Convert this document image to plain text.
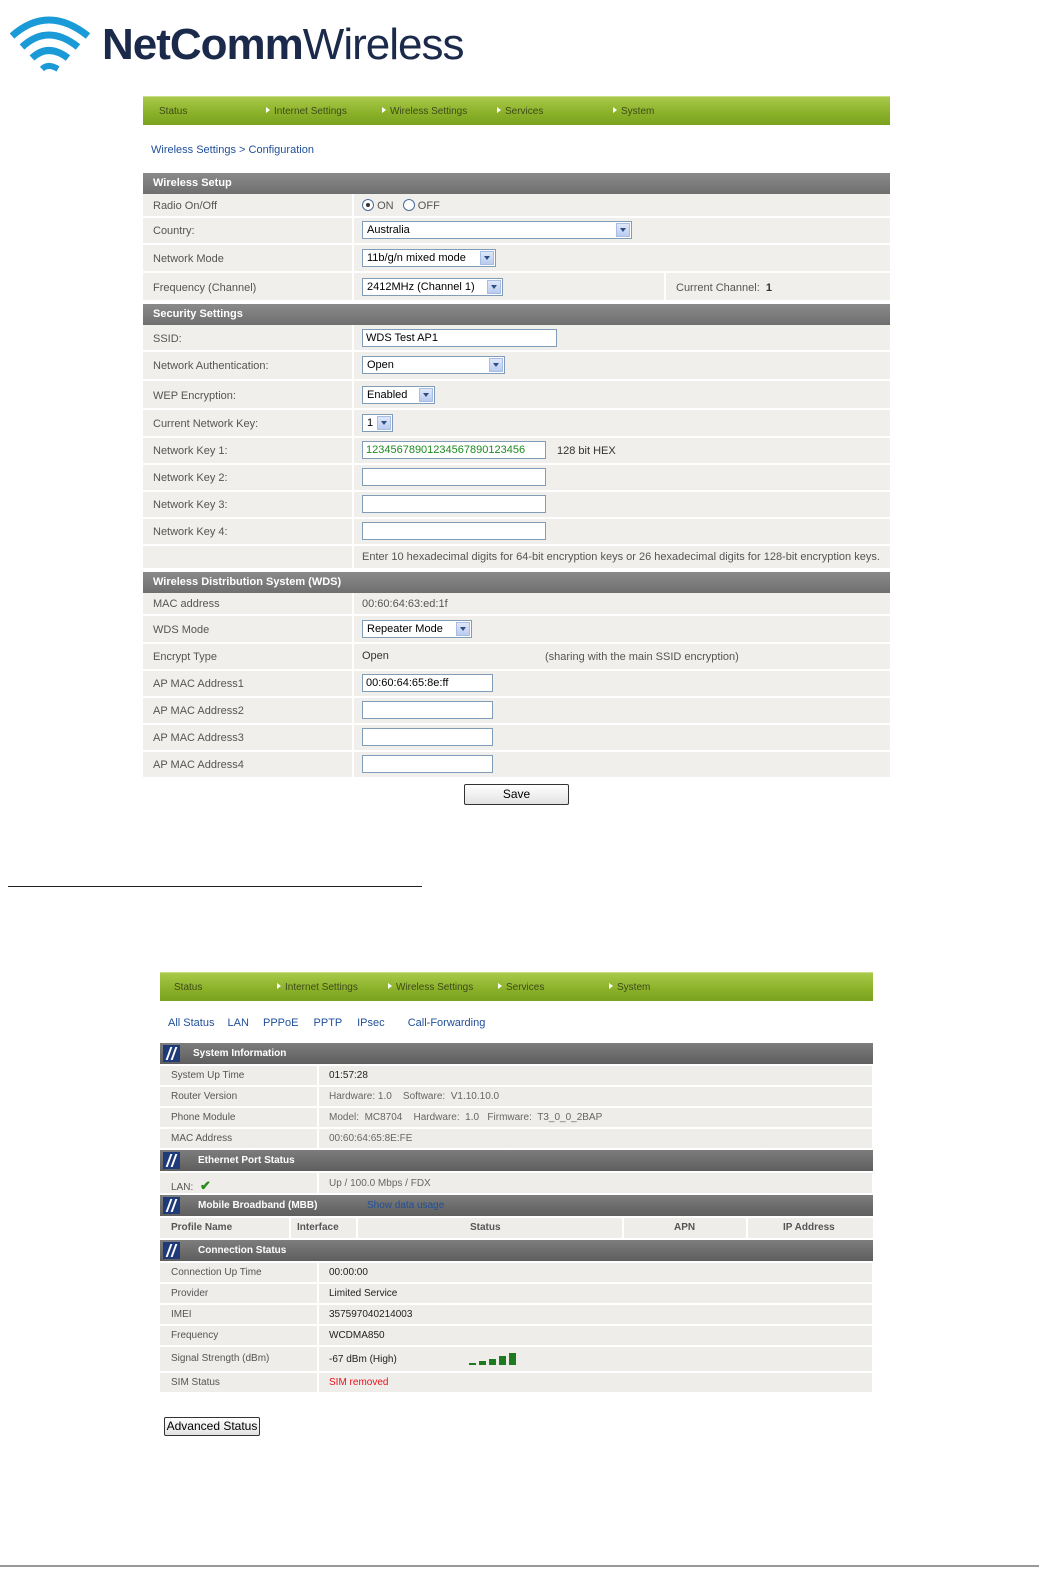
NetCommWireless
Status	Internet Settings	Wireless Settings	Services	System
Wireless Settings > Configuration
Wireless Setup
Radio On/Off	ON OFF
Country:	Australia
Network Mode	11b/g/n mixed mode
Frequency (Channel)	2412MHz (Channel 1)	Current Channel: 1
Security Settings
SSID:	WDS Test AP1
Network Authentication:	Open
WEP Encryption:	Enabled
Current Network Key:	1
Network Key 1:	12345678901234567890123456	128 bit HEX
Network Key 2:
Network Key 3:
Network Key 4:
Enter 10 hexadecimal digits for 64-bit encryption keys or 26 hexadecimal digits for 128-bit encryption keys.
Wireless Distribution System (WDS)
MAC address	00:60:64:63:ed:1f
WDS Mode	Repeater Mode
Encrypt Type	Open	(sharing with the main SSID encryption)
AP MAC Address1	00:60:64:65:8e:ff
AP MAC Address2
AP MAC Address3
AP MAC Address4
Save
Status	Internet Settings	Wireless Settings	Services	System
All Status LAN PPPoE PPTP IPsec Call-Forwarding
System Information
System Up Time	01:57:28
Router Version	Hardware: 1.0    Software:  V1.10.10.0
Phone Module	Model:  MC8704    Hardware:  1.0   Firmware:  T3_0_0_2BAP
MAC Address	00:60:64:65:8E:FE
Ethernet Port Status
LAN: ✔	Up / 100.0 Mbps / FDX
Mobile Broadband (MBB)	Show data usage
Profile Name	Interface	Status	APN	IP Address
Connection Status
Connection Up Time	00:00:00
Provider	Limited Service
IMEI	357597040214003
Frequency	WCDMA850
Signal Strength (dBm)	-67 dBm (High)
SIM Status	SIM removed
Advanced Status
